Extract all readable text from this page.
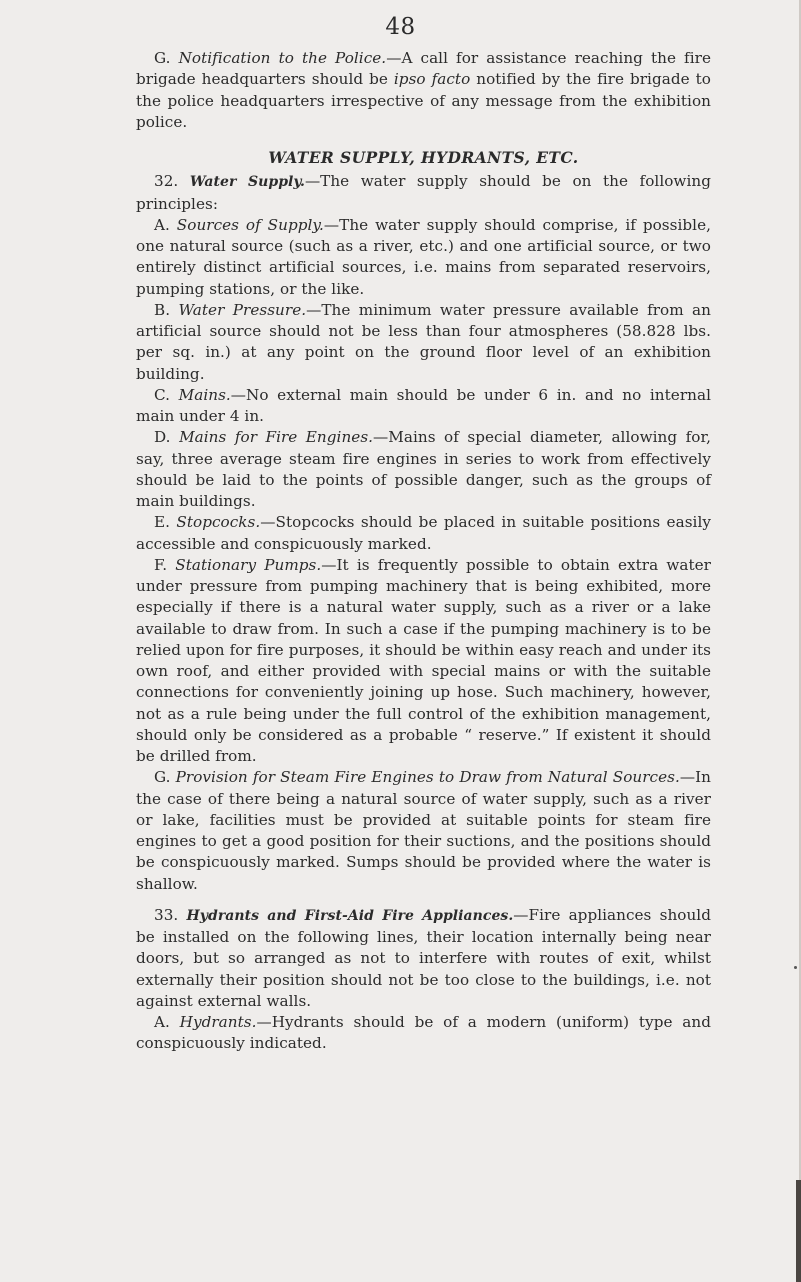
48

G. Notification to the Police.—A call for assistance reaching the fire brigade headquarters should be ipso facto notified by the fire brigade to the police headquarters irrespective of any message from the exhibition police.

WATER SUPPLY, HYDRANTS, ETC.

32. Water Supply.—The water supply should be on the following principles:

A. Sources of Supply.—The water supply should comprise, if possible, one natural source (such as a river, etc.) and one artificial source, or two entirely distinct artificial sources, i.e. mains from separated reservoirs, pumping stations, or the like.

B. Water Pressure.—The minimum water pressure available from an artificial source should not be less than four atmospheres (58.828 lbs. per sq. in.) at any point on the ground floor level of an exhibition building.

C. Mains.—No external main should be under 6 in. and no internal main under 4 in.

D. Mains for Fire Engines.—Mains of special diameter, allowing for, say, three average steam fire engines in series to work from effectively should be laid to the points of possible danger, such as the groups of main buildings.

E. Stopcocks.—Stopcocks should be placed in suitable positions easily accessible and conspicuously marked.

F. Stationary Pumps.—It is frequently possible to obtain extra water under pressure from pumping machinery that is being exhibited, more especially if there is a natural water supply, such as a river or a lake available to draw from. In such a case if the pumping machinery is to be relied upon for fire purposes, it should be within easy reach and under its own roof, and either provided with special mains or with the suitable connections for conveniently joining up hose. Such machinery, however, not as a rule being under the full control of the exhibition management, should only be considered as a probable “ reserve.” If existent it should be drilled from.

G. Provision for Steam Fire Engines to Draw from Natural Sources.—In the case of there being a natural source of water supply, such as a river or lake, facilities must be provided at suitable points for steam fire engines to get a good position for their suctions, and the positions should be conspicuously marked. Sumps should be provided where the water is shallow.

33. Hydrants and First-Aid Fire Appliances.—Fire appliances should be installed on the following lines, their location internally being near doors, but so arranged as not to interfere with routes of exit, whilst externally their position should not be too close to the buildings, i.e. not against external walls.

A. Hydrants.—Hydrants should be of a modern (uniform) type and conspicuously indicated.
